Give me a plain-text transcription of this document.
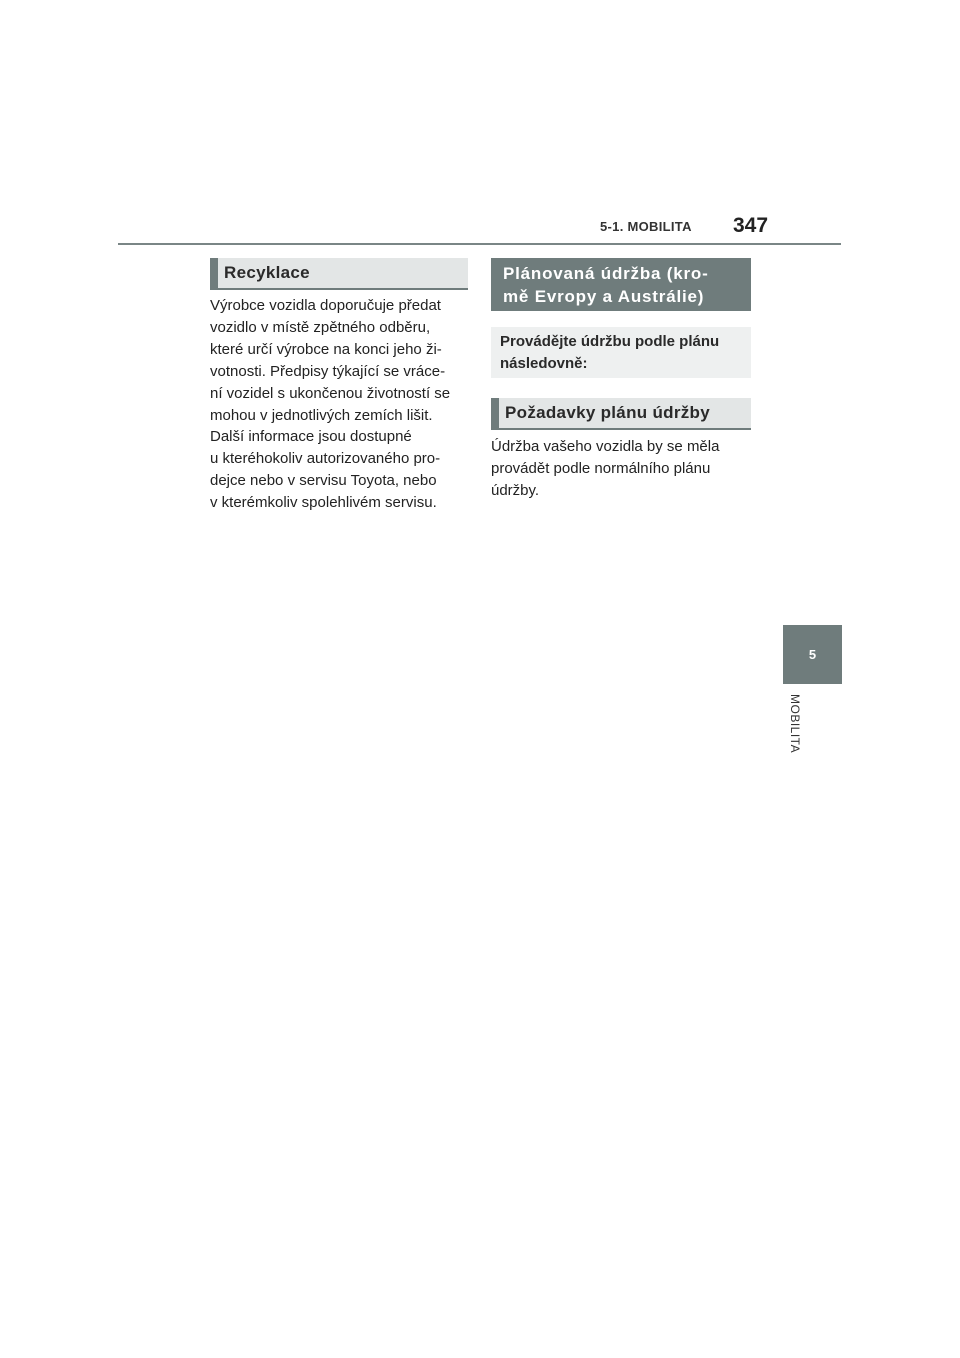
5-1. MOBILITA 347
5
MOBILITA
Recyklace
Výrobce vozidla doporučuje předat
vozidlo v místě zpětného odběru,
které určí výrobce na konci jeho ži-
votnosti. Předpisy týkající se vráce-
ní vozidel s ukončenou životností se
mohou v jednotlivých zemích lišit.
Další informace jsou dostupné
u kteréhokoliv autorizovaného pro-
dejce nebo v servisu Toyota, nebo
v kterémkoliv spolehlivém servisu.
Plánovaná údržba (kro-
mě Evropy a Austrálie)
Provádějte údržbu podle plánu
následovně:
Požadavky plánu údržby
Údržba vašeho vozidla by se měla
provádět podle normálního plánu
údržby.
